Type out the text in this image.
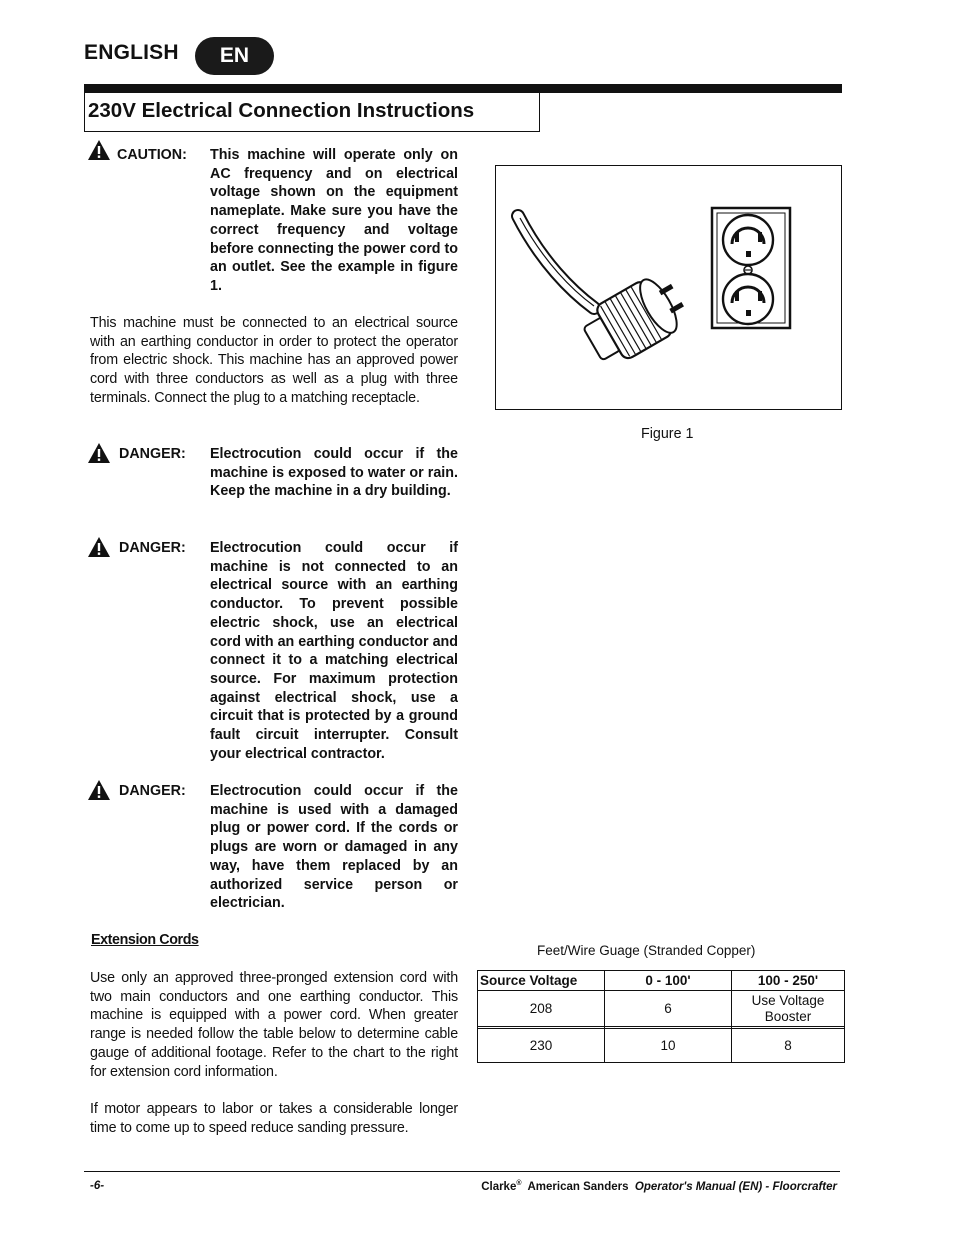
ENGLISH	EN
230V Electrical Connection Instructions
CAUTION: This machine will operate only on AC frequency and on electrical voltage shown on the equipment nameplate. Make sure you have the correct frequency and voltage before connecting the power cord to an outlet. See the example in figure 1.

This machine must be connected to an electrical source with an earthing conductor in order to protect the operator from electric shock. This machine has an approved power cord with three conductors as well as a plug with three terminals. Connect the plug to a matching receptacle.

DANGER: Electrocution could occur if the machine is exposed to water or rain. Keep the machine in a dry building.

DANGER: Electrocution could occur if machine is not connected to an electrical source with an earthing conductor. To prevent possible electric shock, use an electrical cord with an earthing conductor and connect it to a matching electrical source. For maximum protection against electrical shock, use a circuit that is protected by a ground fault circuit interrupter. Consult your electrical contractor.

DANGER: Electrocution could occur if the machine is used with a damaged plug or power cord. If the cords or plugs are worn or damaged in any way, have them replaced by an authorized service person or electrician.

Extension Cords

Use only an approved three-pronged extension cord with two main conductors and one earthing conductor. This machine is equipped with a power cord. When greater range is needed follow the table below to determine cable gauge of additional footage. Refer to the chart to the right for extension cord information.

If motor appears to labor or takes a considerable longer time to come up to speed reduce sanding pressure.

Figure 1
Feet/Wire Guage (Stranded Copper)
Source Voltage	0 - 100'	100 - 250'
208	6	Use Voltage Booster

230	10	8
-6-	Clarke® American Sanders Operator's Manual (EN) - Floorcrafter
